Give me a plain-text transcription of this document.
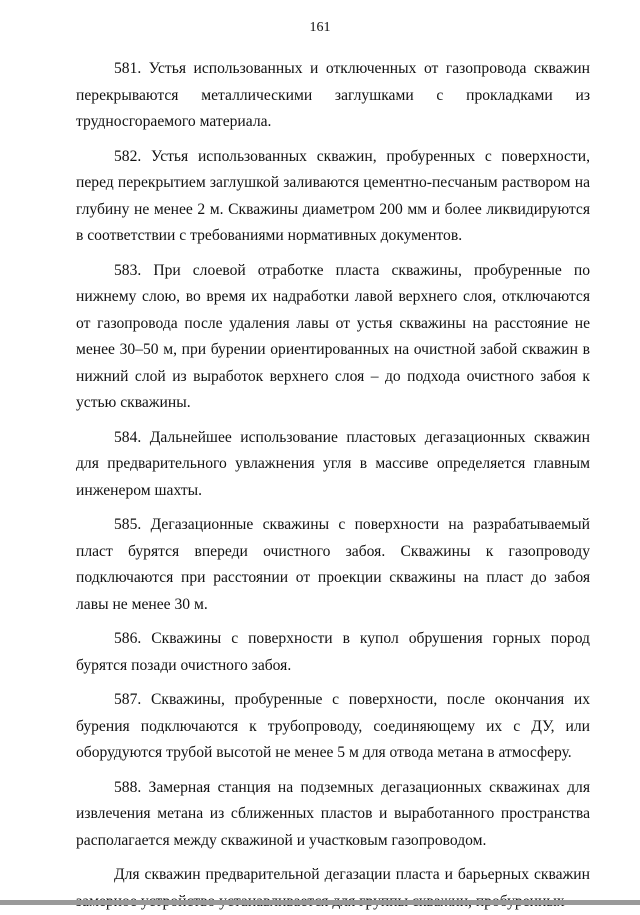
161

581. Устья использованных и отключенных от газопровода скважин перекрываются металлическими заглушками с прокладками из трудносгораемого материала.

582. Устья использованных скважин, пробуренных с поверхности, перед перекрытием заглушкой заливаются цементно-песчаным раствором на глубину не менее 2 м. Скважины диаметром 200 мм и более ликвидируются в соответствии с требованиями нормативных документов.

583. При слоевой отработке пласта скважины, пробуренные по нижнему слою, во время их надработки лавой верхнего слоя, отключаются от газопровода после удаления лавы от устья скважины на расстояние не менее 30–50 м, при бурении ориентированных на очистной забой скважин в нижний слой из выработок верхнего слоя – до подхода очистного забоя к устью скважины.

584. Дальнейшее использование пластовых дегазационных скважин для предварительного увлажнения угля в массиве определяется главным инженером шахты.

585. Дегазационные скважины с поверхности на разрабатываемый пласт бурятся впереди очистного забоя. Скважины к газопроводу подключаются при расстоянии от проекции скважины на пласт до забоя лавы не менее 30 м.

586. Скважины с поверхности в купол обрушения горных пород бурятся позади очистного забоя.

587. Скважины, пробуренные с поверхности, после окончания их бурения подключаются к трубопроводу, соединяющему их с ДУ, или оборудуются трубой высотой не менее 5 м для отвода метана в атмосферу.

588. Замерная станция на подземных дегазационных скважинах для извлечения метана из сближенных пластов и выработанного пространства располагается между скважиной и участковым газопроводом.

Для скважин предварительной дегазации пласта и барьерных скважин
